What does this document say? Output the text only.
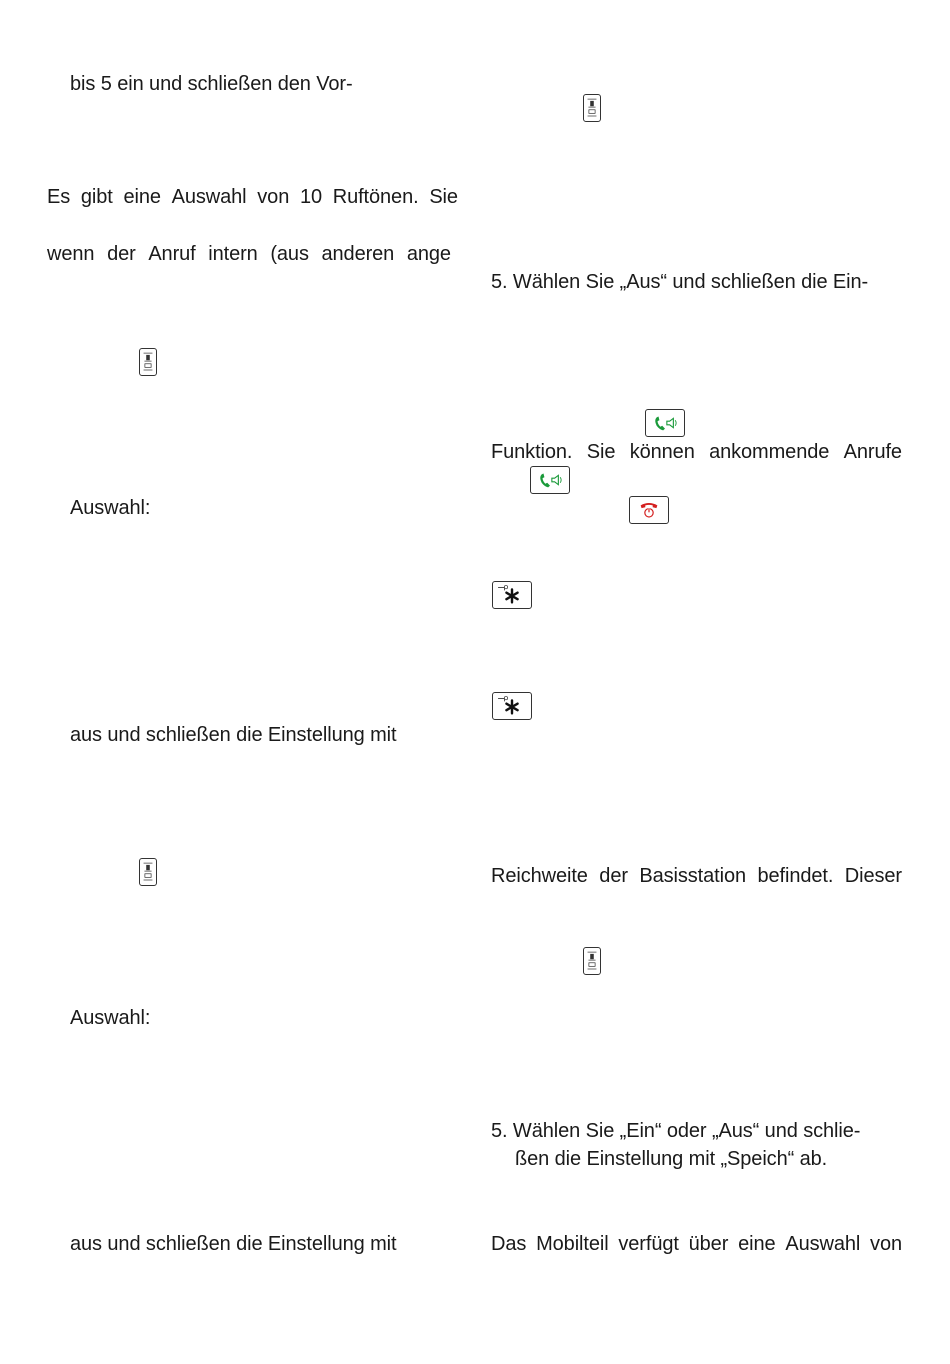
bis 5 ein und schließen den Vor-
Es gibt eine Auswahl von 10 Ruftönen. Sie
wenn der Anruf intern (aus anderen ange
Auswahl:
aus und schließen die Einstellung mit
Auswahl:
aus und schließen die Einstellung mit
5. Wählen Sie „Aus“ und schließen die Ein-
Funktion. Sie können ankommende Anrufe
Reichweite der Basisstation befindet. Dieser
5. Wählen Sie „Ein“ oder „Aus“ und schlie-
ßen die Einstellung mit „Speich“ ab.
Das Mobilteil verfügt über eine Auswahl von
